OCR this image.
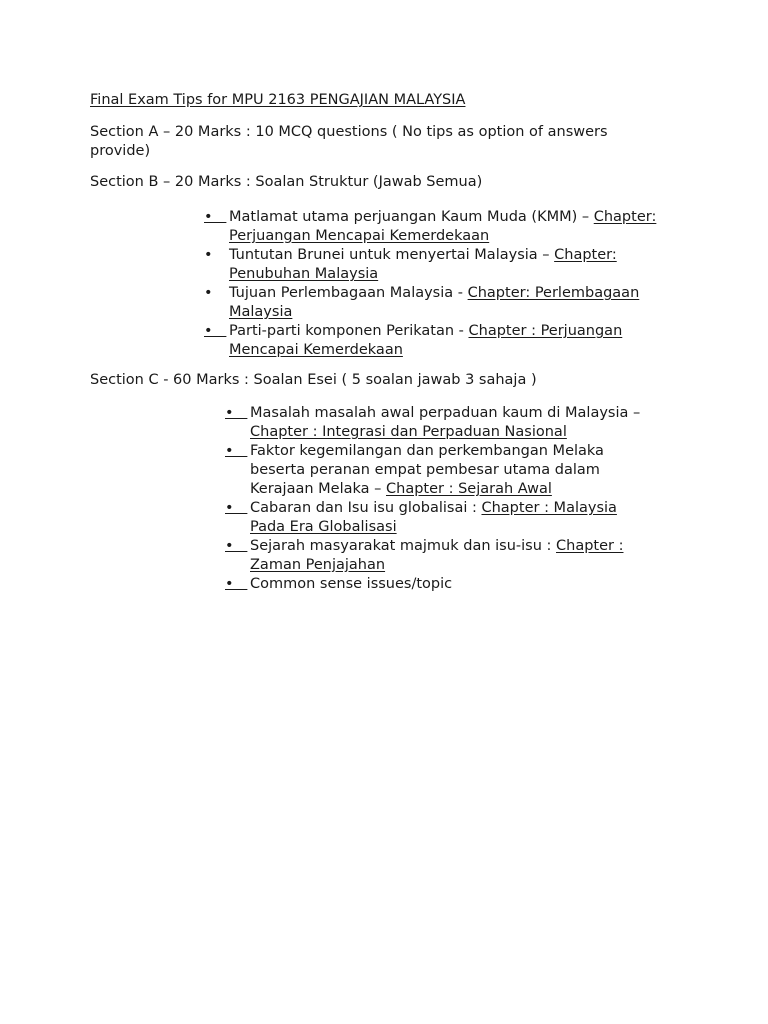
Final Exam Tips for MPU 2163 PENGAJIAN MALAYSIA

Section A – 20 Marks : 10 MCQ questions ( No tips as option of answers provide)

Section B – 20 Marks : Soalan Struktur (Jawab Semua)

•
Matlamat utama perjuangan Kaum Muda (KMM) – Chapter: Perjuangan Mencapai Kemerdekaan
•
Tuntutan Brunei untuk menyertai Malaysia – Chapter: Penubuhan Malaysia
•
Tujuan Perlembagaan Malaysia - Chapter: Perlembagaan Malaysia
•
Parti-parti komponen Perikatan - Chapter : Perjuangan Mencapai Kemerdekaan

Section C - 60 Marks : Soalan Esei ( 5 soalan jawab 3 sahaja )

•
Masalah masalah awal perpaduan kaum di Malaysia – Chapter : Integrasi dan Perpaduan Nasional
•
Faktor kegemilangan dan perkembangan Melaka beserta peranan empat pembesar utama dalam Kerajaan Melaka – Chapter : Sejarah Awal
•
Cabaran dan Isu isu globalisai : Chapter : Malaysia Pada Era Globalisasi
•
Sejarah masyarakat majmuk dan isu-isu : Chapter : Zaman Penjajahan
•
Common sense issues/topic
